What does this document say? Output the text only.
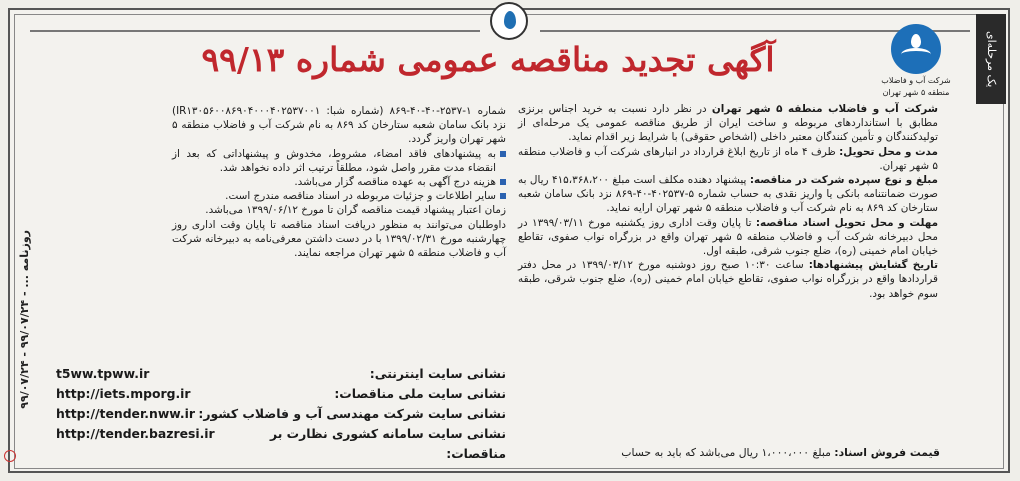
یک مرحله‌ای
روزنامه ... - ۹۹/۰۷/۲۴ - ۹۹/۰۷/۲۴
شرکت آب و فاضلاب
منطقه ۵ شهر تهران
آگهی تجدید مناقصه عمومی شماره ۹۹/۱۳

شرکت آب و فاضلاب منطقه ۵ شهر تهران در نظر دارد نسبت به خرید اجناس برنزی مطابق با استانداردهای مربوطه و ساخت ایران از طریق مناقصه عمومی یک مرحله‌ای از تولیدکنندگان و تأمین کنندگان معتبر داخلی (اشخاص حقوقی) با شرایط زیر اقدام نماید.

مدت و محل تحویل: ظرف ۴ ماه از تاریخ ابلاغ قرارداد در انبارهای شرکت آب و فاضلاب منطقه ۵ شهر تهران.

مبلغ و نوع سپرده شرکت در مناقصه: پیشنهاد دهنده مکلف است مبلغ ۴۱۵،۳۶۸،۲۰۰ ریال به صورت ضمانتنامه بانکی یا واریز نقدی به حساب شماره ۵-۴۰۲۵۳۷-۴۰-۸۶۹ نزد بانک سامان شعبه ستارخان کد ۸۶۹ به نام شرکت آب و فاضلاب منطقه ۵ شهر تهران ارایه نماید.

مهلت و محل تحویل اسناد مناقصه: تا پایان وقت اداری روز یکشنبه مورخ ۱۳۹۹/۰۳/۱۱ در محل دبیرخانه شرکت آب و فاضلاب منطقه ۵ شهر تهران واقع در بزرگراه نواب صفوی، تقاطع خیابان امام خمینی (ره)، ضلع جنوب شرقی، طبقه اول.

تاریخ گشایش پیشنهادها: ساعت ۱۰:۳۰ صبح روز دوشنبه مورخ ۱۳۹۹/۰۳/۱۲ در محل دفتر قراردادها واقع در بزرگراه نواب صفوی، تقاطع خیابان امام خمینی (ره)، ضلع جنوب شرقی، طبقه سوم خواهد بود.

قیمت فروش اسناد: مبلغ ۱،۰۰۰،۰۰۰ ریال می‌باشد که باید به حساب

شماره ۱-۲۵۳۷-۴۰-۴۰-۸۶۹ (شماره شبا: IR۱۳۰۵۶۰۰۸۶۹۰۴۰۰۰۴۰۲۵۳۷۰۰۱) نزد بانک سامان شعبه ستارخان کد ۸۶۹ به نام شرکت آب و فاضلاب منطقه ۵ شهر تهران واریز گردد.

به پیشنهادهای فاقد امضاء، مشروط، مخدوش و پیشنهاداتی که بعد از انقضاء مدت مقرر واصل شود، مطلقاً ترتیب اثر داده نخواهد شد.

هزینه درج آگهی به عهده مناقصه گزار می‌باشد.

سایر اطلاعات و جزئیات مربوطه در اسناد مناقصه مندرج است.

زمان اعتبار پیشنهاد قیمت مناقصه گران تا مورخ ۱۳۹۹/۰۶/۱۲ می‌باشد.

داوطلبان می‌توانند به منظور دریافت اسناد مناقصه تا پایان وقت اداری روز چهارشنبه مورخ ۱۳۹۹/۰۲/۳۱ با در دست داشتن معرفی‌نامه به دبیرخانه شرکت آب و فاضلاب منطقه ۵ شهر تهران مراجعه نمایند.

نشانی سایت اینترنتی:
t5ww.tpww.ir
نشانی سایت ملی مناقصات:
http://iets.mporg.ir
نشانی سایت شرکت مهندسی آب و فاضلاب کشور:
http://tender.nww.ir
نشانی سایت سامانه کشوری نظارت بر مناقصات:
http://tender.bazresi.ir
